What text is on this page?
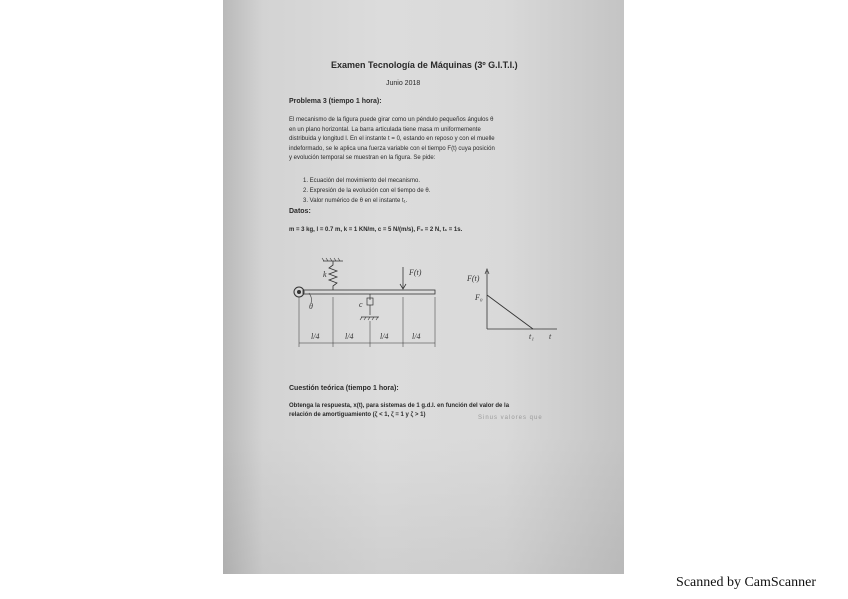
Examen Tecnología de Máquinas (3º G.I.T.I.)
Junio 2018
Problema 3 (tiempo 1 hora):
El mecanismo de la figura puede girar como un péndulo pequeños ángulos θ
en un plano horizontal. La barra articulada tiene masa m uniformemente
distribuida y longitud l. En el instante t = 0, estando en reposo y con el muelle
indeformado, se le aplica una fuerza variable con el tiempo F(t) cuya posición
y evolución temporal se muestran en la figura. Se pide:
1. Ecuación del movimiento del mecanismo.
2. Expresión de la evolución con el tiempo de θ.
3. Valor numérico de θ en el instante t₁.
Datos:
m = 3 kg, l = 0.7 m, k = 1 KN/m, c = 5 N/(m/s), F₀ = 2 N, t₁ = 1s.
k	F(t)
θ	c
l/4	l/4	l/4	l/4
F(t)
F₀
t₁ t
Cuestión teórica (tiempo 1 hora):
Obtenga la respuesta, x(t), para sistemas de 1 g.d.l. en función del valor de la
relación de amortiguamiento (ζ < 1, ζ = 1 y ζ > 1)	Sinus valores que
Scanned by CamScanner
